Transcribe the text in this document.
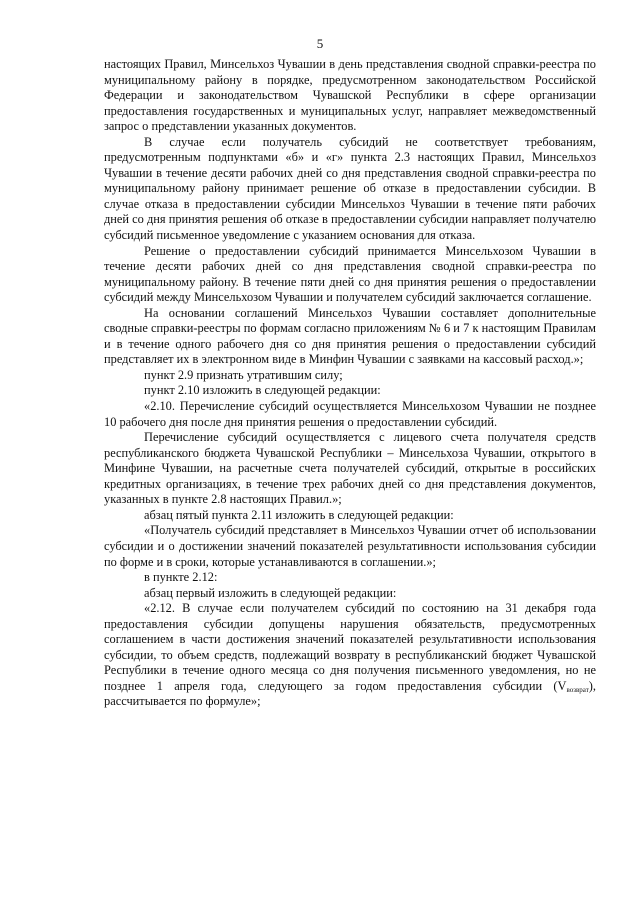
5

настоящих Правил, Минсельхоз Чувашии в день представления сводной справки-реестра по муниципальному району в порядке, предусмотренном законодательством Российской Федерации и законодательством Чувашской Республики в сфере организации предоставления государственных и муниципальных услуг, направляет межведомственный запрос о представлении указанных документов.

В случае если получатель субсидий не соответствует требованиям, предусмотренным подпунктами «б» и «г» пункта 2.3 настоящих Правил, Минсельхоз Чувашии в течение десяти рабочих дней со дня представления сводной справки-реестра по муниципальному району принимает решение об отказе в предоставлении субсидии. В случае отказа в предоставлении субсидии Минсельхоз Чувашии в течение пяти рабочих дней со дня принятия решения об отказе в предоставлении субсидии направляет получателю субсидий письменное уведомление с указанием основания для отказа.

Решение о предоставлении субсидий принимается Минсельхозом Чувашии в течение десяти рабочих дней со дня представления сводной справки-реестра по муниципальному району. В течение пяти дней со дня принятия решения о предоставлении субсидий между Минсельхозом Чувашии и получателем субсидий заключается соглашение.

На основании соглашений Минсельхоз Чувашии составляет дополнительные сводные справки-реестры по формам согласно приложениям № 6 и 7 к настоящим Правилам и в течение одного рабочего дня со дня принятия решения о предоставлении субсидий представляет их в электронном виде в Минфин Чувашии с заявками на кассовый расход.»;

пункт 2.9 признать утратившим силу;

пункт 2.10 изложить в следующей редакции:

«2.10. Перечисление субсидий осуществляется Минсельхозом Чувашии не позднее 10 рабочего дня после дня принятия решения о предоставлении субсидий.

Перечисление субсидий осуществляется с лицевого счета получателя средств республиканского бюджета Чувашской Республики – Минсельхоза Чувашии, открытого в Минфине Чувашии, на расчетные счета получателей субсидий, открытые в российских кредитных организациях, в течение трех рабочих дней со дня представления документов, указанных в пункте 2.8 настоящих Правил.»;

абзац пятый пункта 2.11 изложить в следующей редакции:

«Получатель субсидий представляет в Минсельхоз Чувашии отчет об использовании субсидии и о достижении значений показателей результативности использования субсидии по форме и в сроки, которые устанавливаются в соглашении.»;

в пункте 2.12:

абзац первый изложить в следующей редакции:

«2.12. В случае если получателем субсидий по состоянию на 31 декабря года предоставления субсидии допущены нарушения обязательств, предусмотренных соглашением в части достижения значений показателей результативности использования субсидии, то объем средств, подлежащий возврату в республиканский бюджет Чувашской Республики в течение одного месяца со дня получения письменного уведомления, но не позднее 1 апреля года, следующего за годом предоставления субсидии $(V_{возврат})$, рассчитывается по формуле»;
